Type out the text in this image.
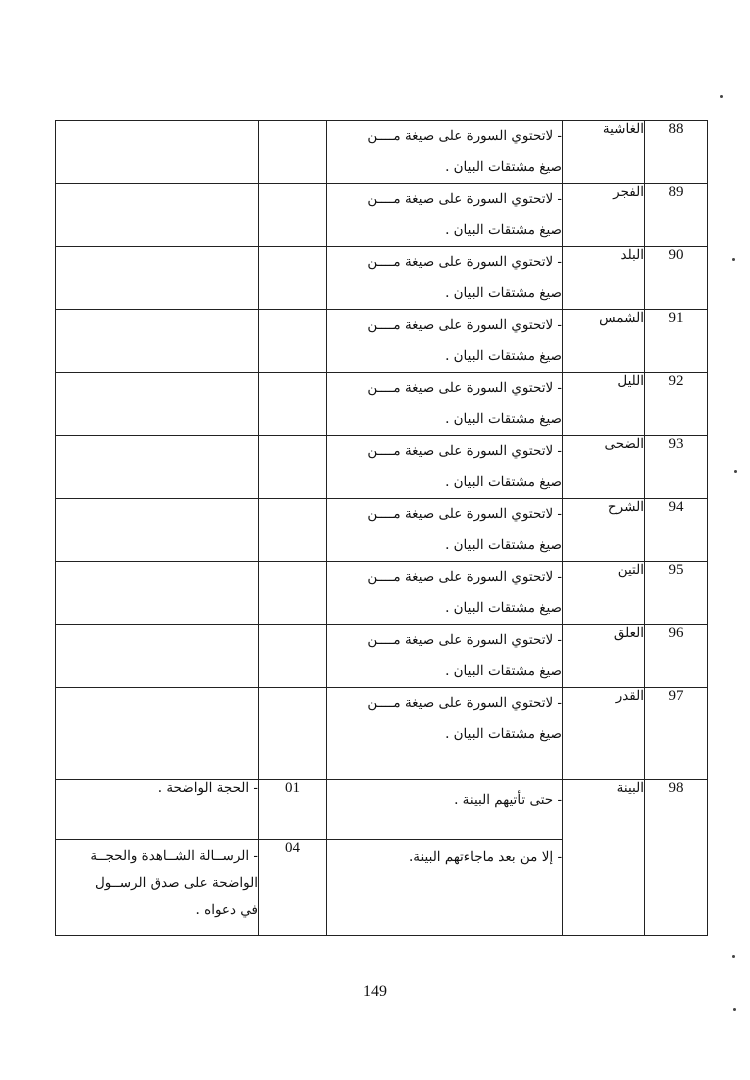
		- لاتحتوي السورة على صيغة مــــن
صيغ مشتقات البيان .	الغاشية	88

		- لاتحتوي السورة على صيغة مــــن
صيغ مشتقات البيان .	الفجر	89

		- لاتحتوي السورة على صيغة مــــن
صيغ مشتقات البيان .	البلد	90

		- لاتحتوي السورة على صيغة مــــن
صيغ مشتقات البيان .	الشمس	91

		- لاتحتوي السورة على صيغة مــــن
صيغ مشتقات البيان .	الليل	92

		- لاتحتوي السورة على صيغة مــــن
صيغ مشتقات البيان .	الضحى	93

		- لاتحتوي السورة على صيغة مــــن
صيغ مشتقات البيان .	الشرح	94

		- لاتحتوي السورة على صيغة مــــن
صيغ مشتقات البيان .	التين	95

		- لاتحتوي السورة على صيغة مــــن
صيغ مشتقات البيان .	العلق	96

		- لاتحتوي السورة على صيغة مــــن
صيغ مشتقات البيان .	القدر	97
- الحجة الواضحة .	01	- حتى تأتيهم البينة .	البينة	98

- الرســالة الشــاهدة والحجــة
الواضحة على صدق الرســول
في دعواه .	04	- إلا من بعد ماجاءتهم البينة.		
149
